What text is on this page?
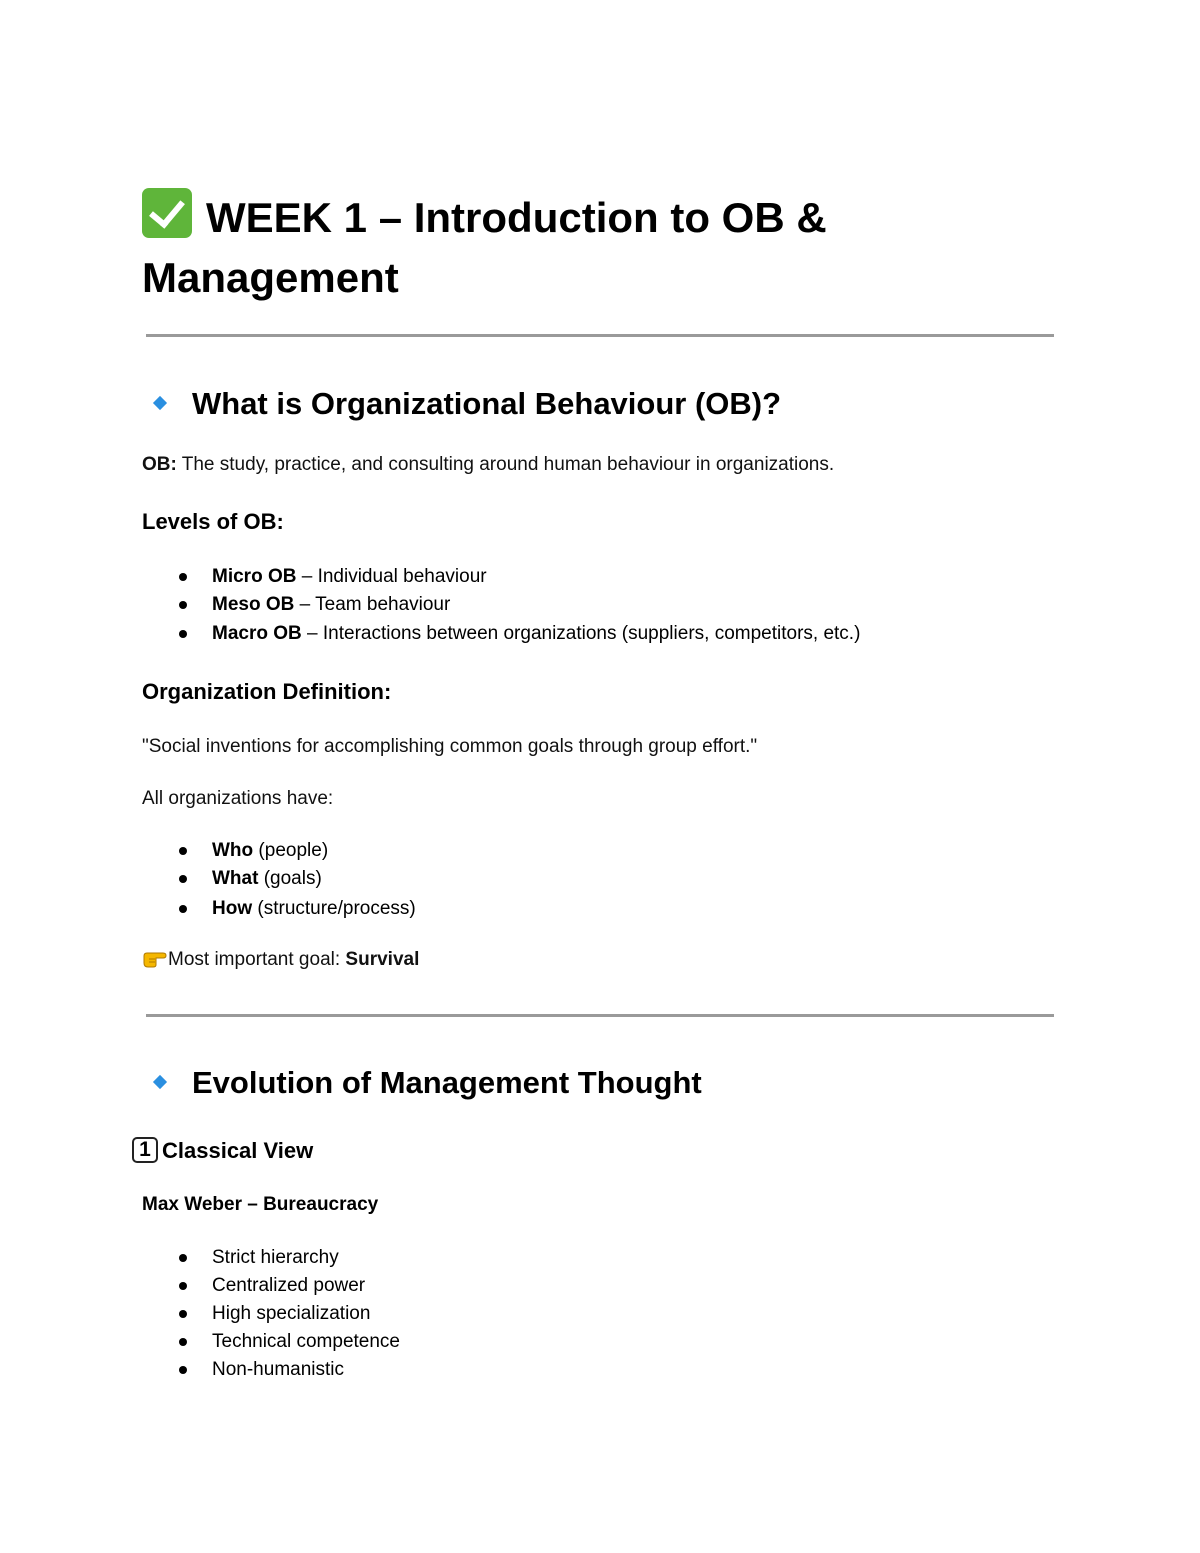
WEEK 1 – Introduction to OB & Management
What is Organizational Behaviour (OB)?
OB: The study, practice, and consulting around human behaviour in organizations.
Levels of OB:
Micro OB – Individual behaviour
Meso OB – Team behaviour
Macro OB – Interactions between organizations (suppliers, competitors, etc.)
Organization Definition:
"Social inventions for accomplishing common goals through group effort."
All organizations have:
Who (people)
What (goals)
How (structure/process)
Most important goal: Survival
Evolution of Management Thought
1 Classical View
Max Weber – Bureaucracy
Strict hierarchy
Centralized power
High specialization
Technical competence
Non-humanistic
